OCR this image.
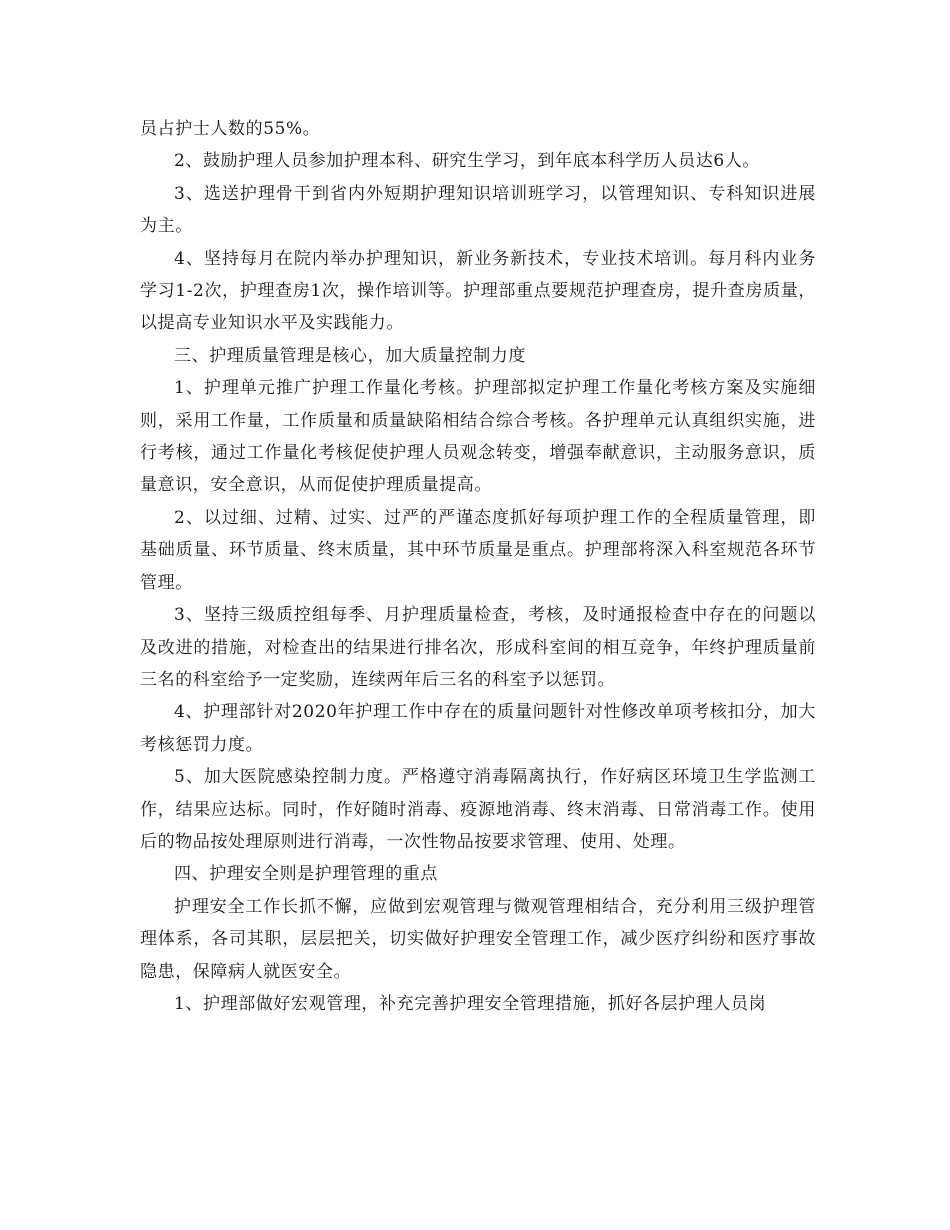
员占护士人数的55%。

2、鼓励护理人员参加护理本科、研究生学习，到年底本科学历人员达6人。

3、选送护理骨干到省内外短期护理知识培训班学习，以管理知识、专科知识进展为主。

4、坚持每月在院内举办护理知识，新业务新技术，专业技术培训。每月科内业务学习1-2次，护理查房1次，操作培训等。护理部重点要规范护理查房，提升查房质量，以提高专业知识水平及实践能力。

三、护理质量管理是核心，加大质量控制力度

1、护理单元推广护理工作量化考核。护理部拟定护理工作量化考核方案及实施细则，采用工作量，工作质量和质量缺陷相结合综合考核。各护理单元认真组织实施，进行考核，通过工作量化考核促使护理人员观念转变，增强奉献意识，主动服务意识，质量意识，安全意识，从而促使护理质量提高。

2、以过细、过精、过实、过严的严谨态度抓好每项护理工作的全程质量管理，即基础质量、环节质量、终末质量，其中环节质量是重点。护理部将深入科室规范各环节管理。

3、坚持三级质控组每季、月护理质量检查，考核，及时通报检查中存在的问题以及改进的措施，对检查出的结果进行排名次，形成科室间的相互竞争，年终护理质量前三名的科室给予一定奖励，连续两年后三名的科室予以惩罚。

4、护理部针对2020年护理工作中存在的质量问题针对性修改单项考核扣分，加大考核惩罚力度。

5、加大医院感染控制力度。严格遵守消毒隔离执行，作好病区环境卫生学监测工作，结果应达标。同时，作好随时消毒、疫源地消毒、终末消毒、日常消毒工作。使用后的物品按处理原则进行消毒，一次性物品按要求管理、使用、处理。

四、护理安全则是护理管理的重点

护理安全工作长抓不懈，应做到宏观管理与微观管理相结合，充分利用三级护理管理体系，各司其职，层层把关，切实做好护理安全管理工作，减少医疗纠纷和医疗事故隐患，保障病人就医安全。

1、护理部做好宏观管理，补充完善护理安全管理措施，抓好各层护理人员岗
